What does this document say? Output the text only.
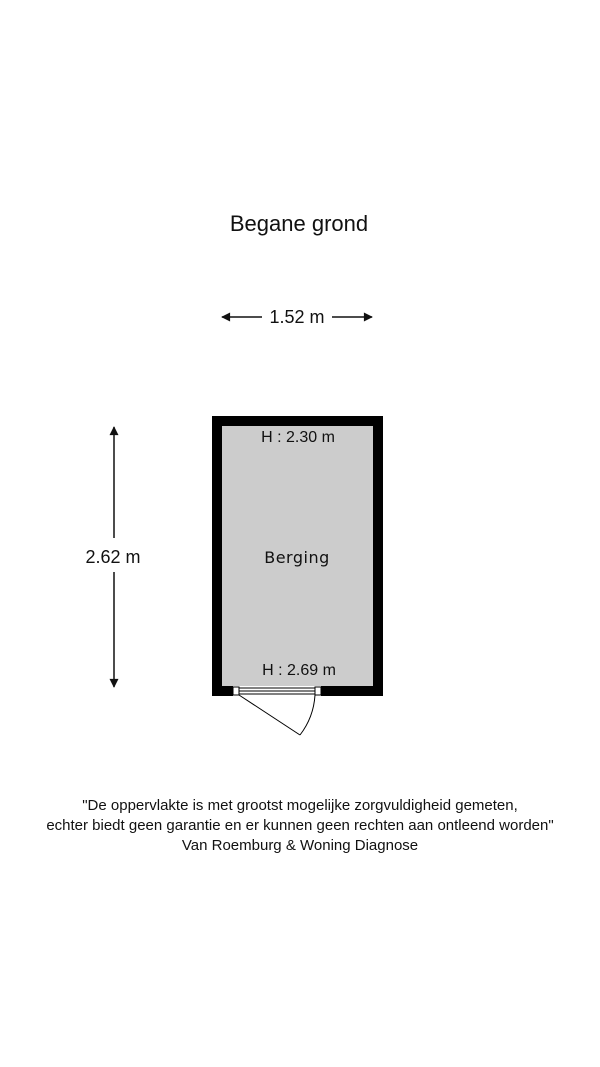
Begane grond
1.52 m
2.62 m
H : 2.30 m
Berging
H : 2.69 m
"De oppervlakte is met grootst mogelijke zorgvuldigheid gemeten,
echter biedt geen garantie en er kunnen geen rechten aan ontleend worden"
Van Roemburg & Woning Diagnose
